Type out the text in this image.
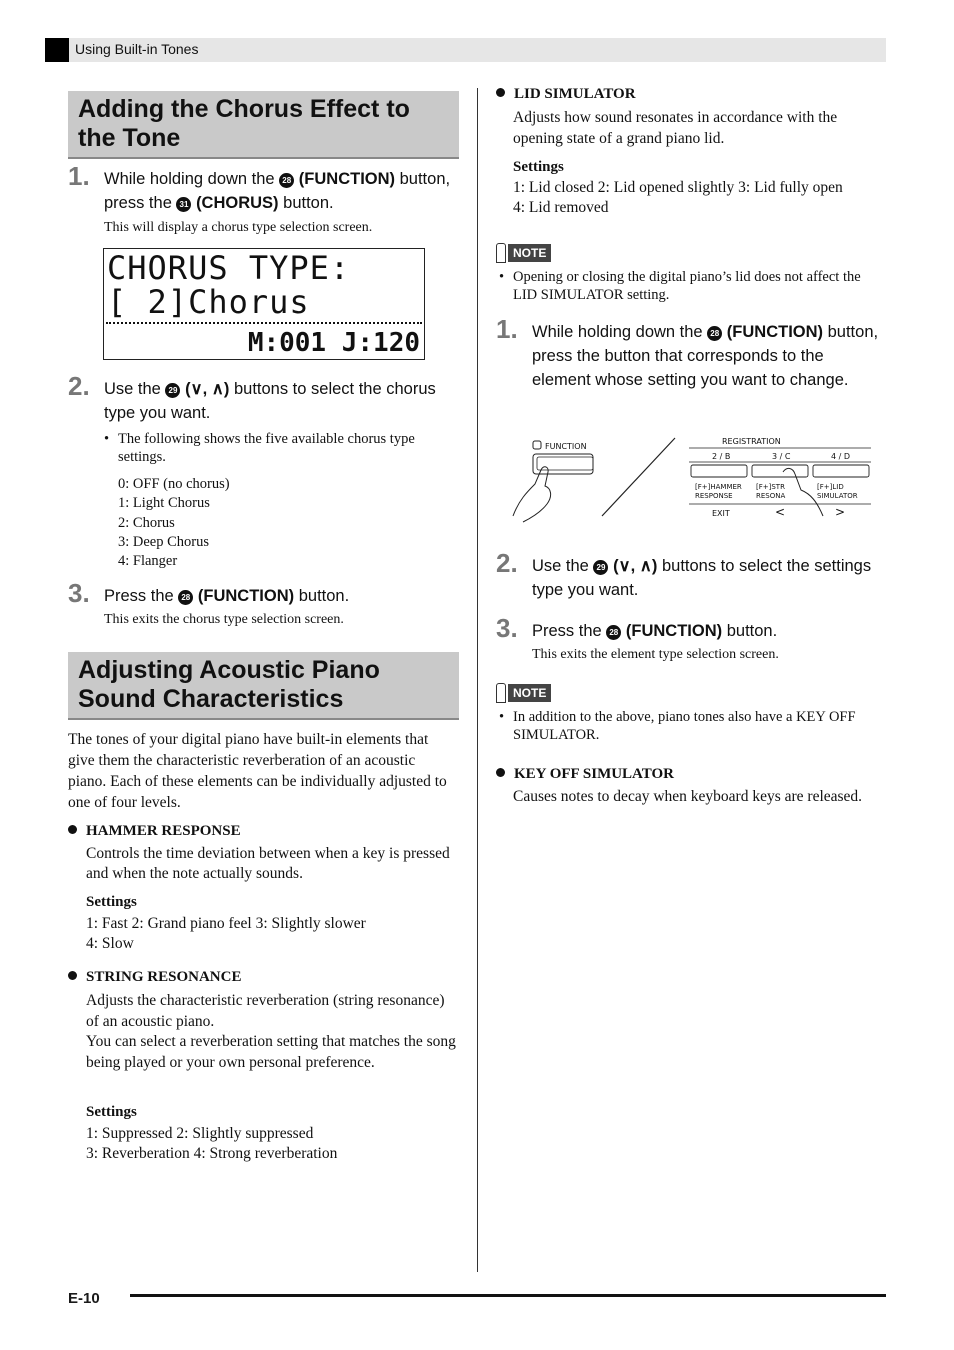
Using Built-in Tones
Adding the Chorus Effect to the Tone
1. While holding down the 28 (FUNCTION) button, press the 31 (CHORUS) button.
This will display a chorus type selection screen.
CHORUS TYPE:
[ 2]Chorus
M:001 J:120
2. Use the 29 (∨, ∧) buttons to select the chorus type you want.
• The following shows the five available chorus type settings.
0: OFF (no chorus)
1: Light Chorus
2: Chorus
3: Deep Chorus
4: Flanger
3. Press the 28 (FUNCTION) button.
This exits the chorus type selection screen.
Adjusting Acoustic Piano Sound Characteristics
The tones of your digital piano have built-in elements that give them the characteristic reverberation of an acoustic piano. Each of these elements can be individually adjusted to one of four levels.
HAMMER RESPONSE
Controls the time deviation between when a key is pressed and when the note actually sounds.
Settings
1: Fast 2: Grand piano feel 3: Slightly slower
4: Slow
STRING RESONANCE
Adjusts the characteristic reverberation (string resonance) of an acoustic piano.
You can select a reverberation setting that matches the song being played or your own personal preference.
Settings
1: Suppressed 2: Slightly suppressed
3: Reverberation 4: Strong reverberation
LID SIMULATOR
Adjusts how sound resonates in accordance with the opening state of a grand piano lid.
Settings
1: Lid closed 2: Lid opened slightly 3: Lid fully open
4: Lid removed
NOTE
• Opening or closing the digital piano’s lid does not affect the LID SIMULATOR setting.
1. While holding down the 28 (FUNCTION) button, press the button that corresponds to the element whose setting you want to change.
FUNCTION
REGISTRATION
2 / B	3 / C	4 / D
[F+]HAMMER
RESPONSE
[F+]STR
RESONA
[F+]LID
SIMULATOR
EXIT	<	>
2. Use the 29 (∨, ∧) buttons to select the settings type you want.
3. Press the 28 (FUNCTION) button.
This exits the element type selection screen.
NOTE
• In addition to the above, piano tones also have a KEY OFF SIMULATOR.
KEY OFF SIMULATOR
Causes notes to decay when keyboard keys are released.
E-10
